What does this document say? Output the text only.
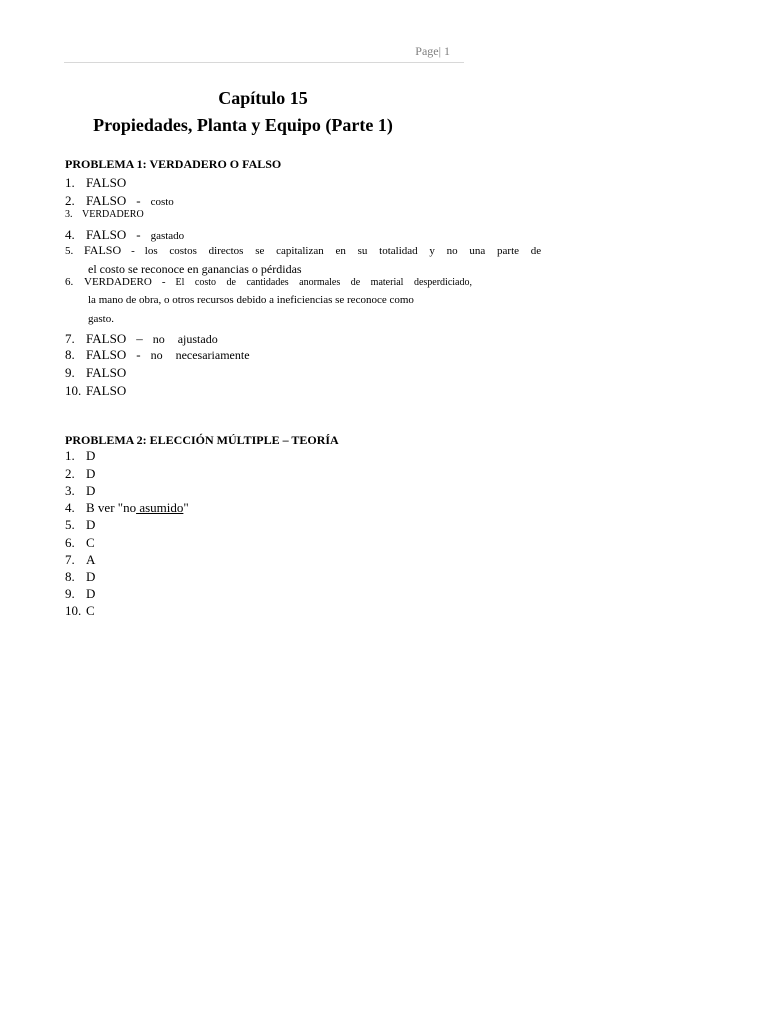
Page| 1
Capítulo 15
Propiedades, Planta y Equipo (Parte 1)
PROBLEMA 1: VERDADERO O FALSO
1. FALSO
2. FALSO - costo
3. VERDADERO
4. FALSO - gastado
5. FALSO - los costos directos se capitalizan en su totalidad y no una parte de
el costo se reconoce en ganancias o pérdidas
6. VERDADERO - El costo de cantidades anormales de material desperdiciado,
la mano de obra, o otros recursos debido a ineficiencias se reconoce como
gasto.
7. FALSO – no ajustado
8. FALSO - no necesariamente
9. FALSO
10. FALSO
PROBLEMA 2: ELECCIÓN MÚLTIPLE – TEORÍA
1. D
2. D
3. D
4. B ver "no asumido"
5. D
6. C
7. A
8. D
9. D
10. C
